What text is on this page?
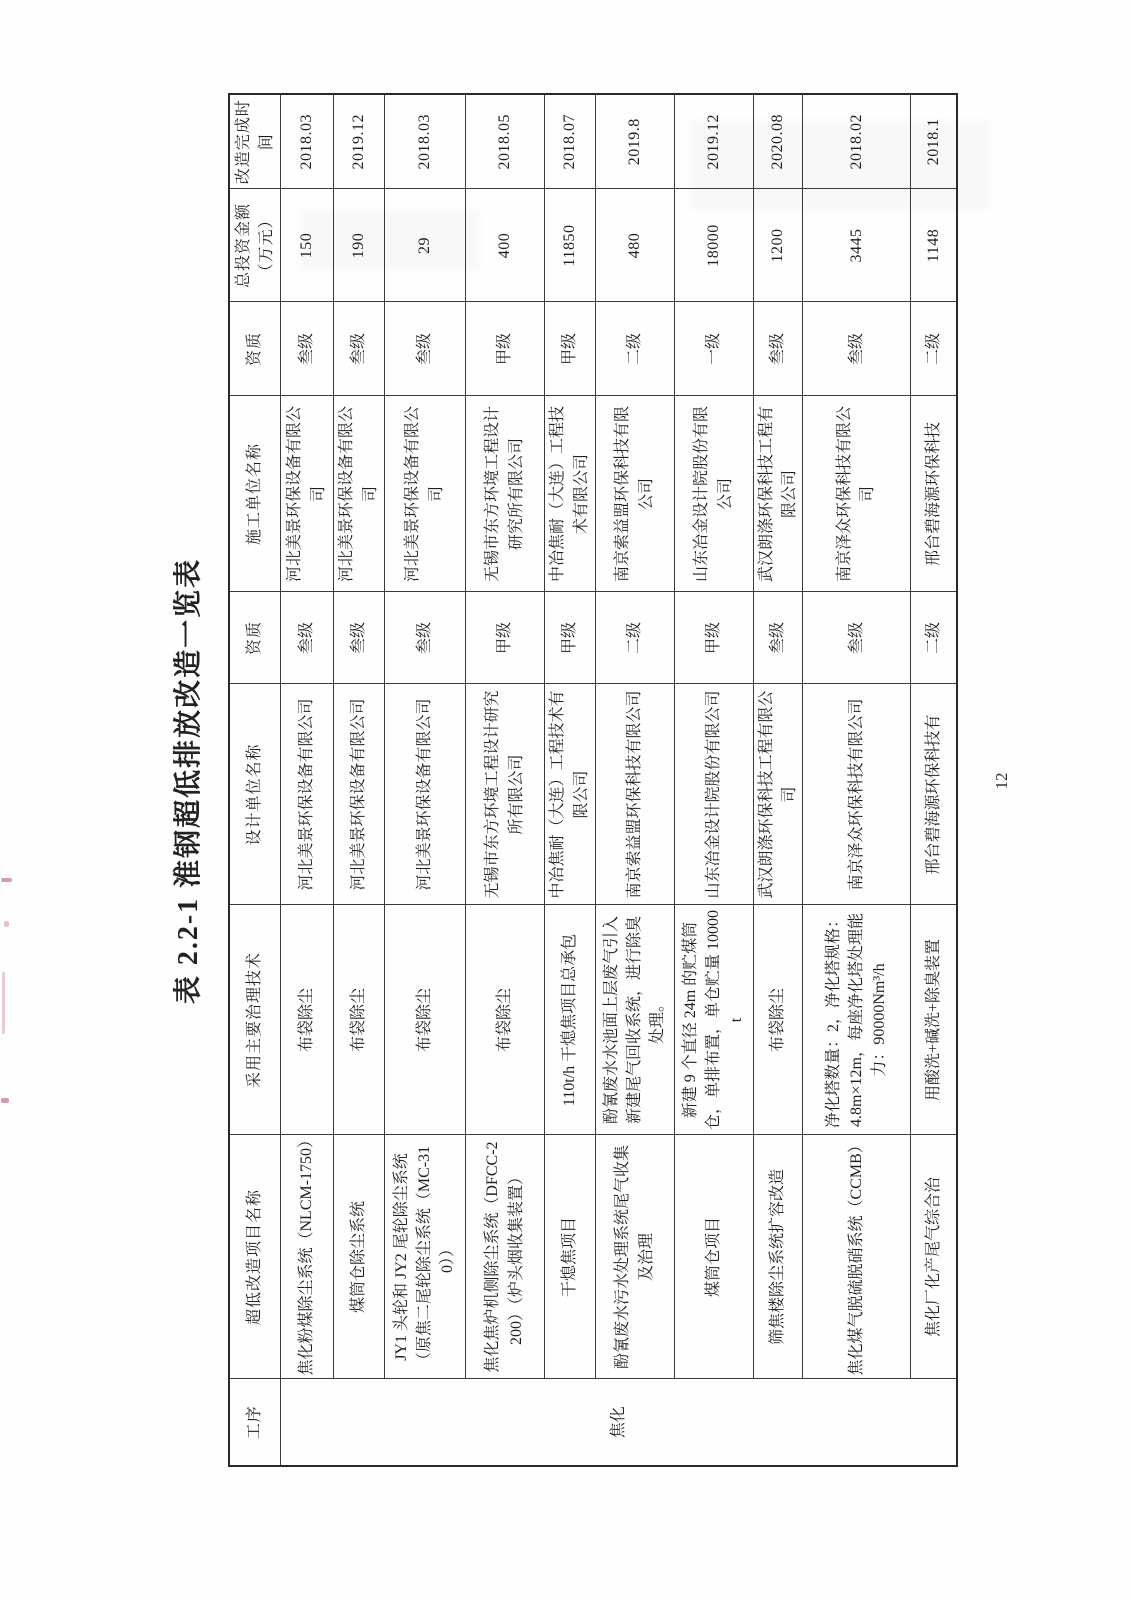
表 2.2-1 淮钢超低排放改造一览表
工序	超低改造项目名称	采用主要治理技术	设计单位名称	资质	施工单位名称	资质	总投资金额（万元）	改造完成时间
焦化	焦化粉煤除尘系统（NLCM-1750）	布袋除尘	河北美景环保设备有限公司	叁级	河北美景环保设备有限公司	叁级	150	2018.03
	煤筒仓除尘系统	布袋除尘	河北美景环保设备有限公司	叁级	河北美景环保设备有限公司	叁级	190	2019.12
	JY1 头轮和 JY2 尾轮除尘系统（原焦二尾轮除尘系统（MC-310））	布袋除尘	河北美景环保设备有限公司	叁级	河北美景环保设备有限公司	叁级	29	2018.03
	焦化焦炉机侧除尘系统（DFCC-2200）（炉头烟收集装置）	布袋除尘	无锡市东方环境工程设计研究所有限公司	甲级	无锡市东方环境工程设计研究所有限公司	甲级	400	2018.05
	干熄焦项目	110t/h 干熄焦项目总承包	中冶焦耐（大连）工程技术有限公司	甲级	中冶焦耐（大连）工程技术有限公司	甲级	11850	2018.07
	酚氰废水污水处理系统尾气收集及治理	酚氰废水水池面上层废气引入新建尾气回收系统，进行除臭处理。	南京索益盟环保科技有限公司	二级	南京索益盟环保科技有限公司	二级	480	2019.8
	煤筒仓项目	新建 9 个直径 24m 的贮煤筒仓，单排布置，单仓贮量 10000t	山东冶金设计院股份有限公司	甲级	山东冶金设计院股份有限公司	一级	18000	2019.12
	筛焦楼除尘系统扩容改造	布袋除尘	武汉朗涤环保科技工程有限公司	叁级	武汉朗涤环保科技工程有限公司	叁级	1200	2020.08
	焦化煤气脱硫脱硝系统（CCMB）	净化塔数量：2，净化塔规格：4.8m×12m，每座净化塔处理能力：90000Nm³/h	南京泽众环保科技有限公司	叁级	南京泽众环保科技有限公司	叁级	3445	2018.02
	焦化厂化产尾气综合治	用酸洗+碱洗+除臭装置	邢台碧海源环保科技有	二级	邢台碧海源环保科技	二级	1148	2018.1
12
